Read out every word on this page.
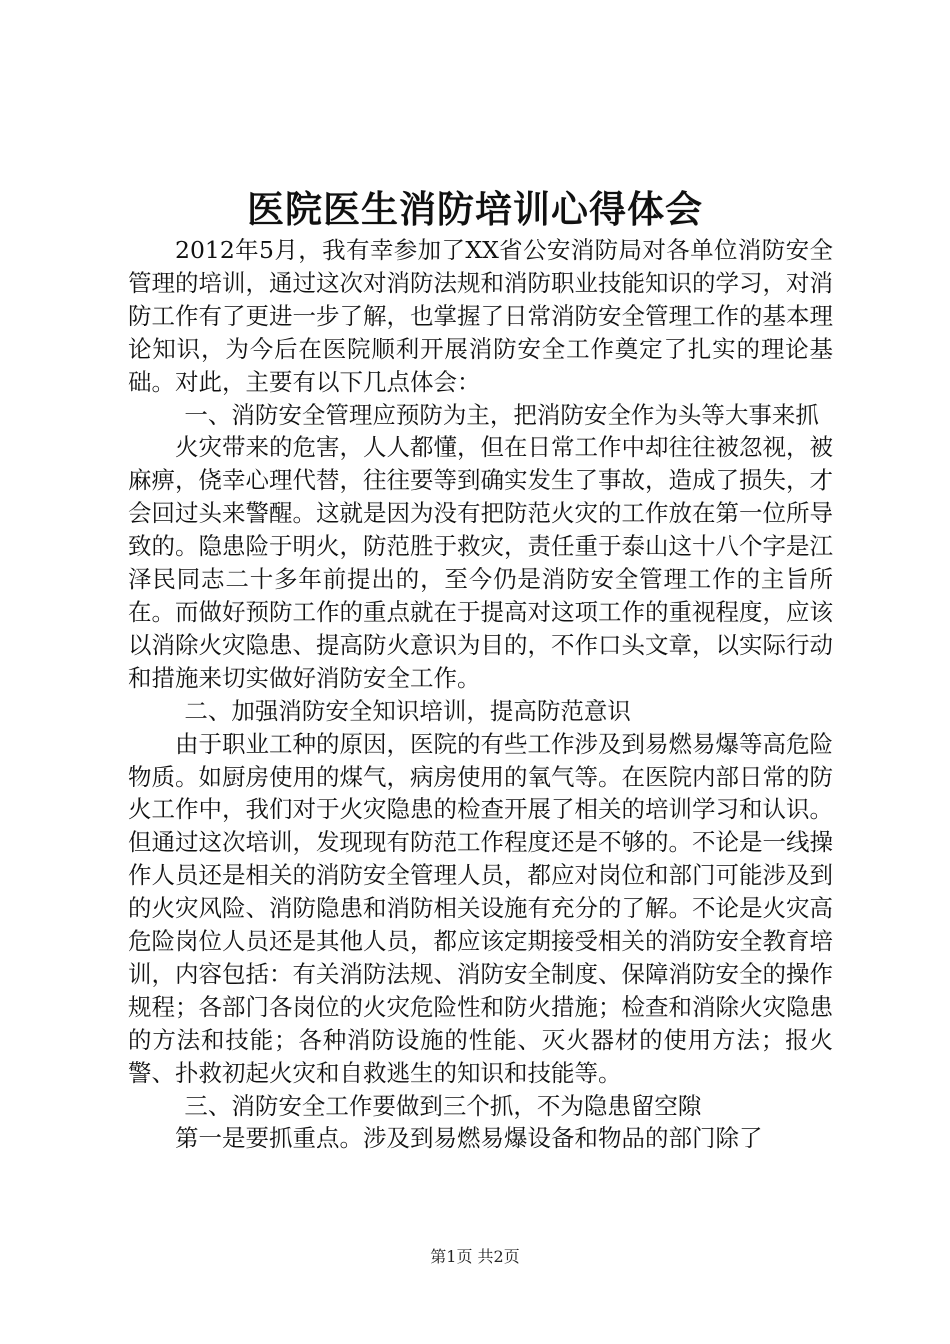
医院医生消防培训心得体会

2012年5月，我有幸参加了XX省公安消防局对各单位消防安全管理的培训，通过这次对消防法规和消防职业技能知识的学习，对消防工作有了更进一步了解，也掌握了日常消防安全管理工作的基本理论知识，为今后在医院顺利开展消防安全工作奠定了扎实的理论基础。对此，主要有以下几点体会：

一、消防安全管理应预防为主，把消防安全作为头等大事来抓

火灾带来的危害，人人都懂，但在日常工作中却往往被忽视，被麻痹，侥幸心理代替，往往要等到确实发生了事故，造成了损失，才会回过头来警醒。这就是因为没有把防范火灾的工作放在第一位所导致的。隐患险于明火，防范胜于救灾，责任重于泰山这十八个字是江泽民同志二十多年前提出的，至今仍是消防安全管理工作的主旨所在。而做好预防工作的重点就在于提高对这项工作的重视程度，应该以消除火灾隐患、提高防火意识为目的，不作口头文章，以实际行动和措施来切实做好消防安全工作。

二、加强消防安全知识培训，提高防范意识

由于职业工种的原因，医院的有些工作涉及到易燃易爆等高危险物质。如厨房使用的煤气，病房使用的氧气等。在医院内部日常的防火工作中，我们对于火灾隐患的检查开展了相关的培训学习和认识。但通过这次培训，发现现有防范工作程度还是不够的。不论是一线操作人员还是相关的消防安全管理人员，都应对岗位和部门可能涉及到的火灾风险、消防隐患和消防相关设施有充分的了解。不论是火灾高危险岗位人员还是其他人员，都应该定期接受相关的消防安全教育培训，内容包括：有关消防法规、消防安全制度、保障消防安全的操作规程；各部门各岗位的火灾危险性和防火措施；检查和消除火灾隐患的方法和技能；各种消防设施的性能、灭火器材的使用方法；报火警、扑救初起火灾和自救逃生的知识和技能等。

三、消防安全工作要做到三个抓，不为隐患留空隙

第一是要抓重点。涉及到易燃易爆设备和物品的部门除了

第1页 共2页
